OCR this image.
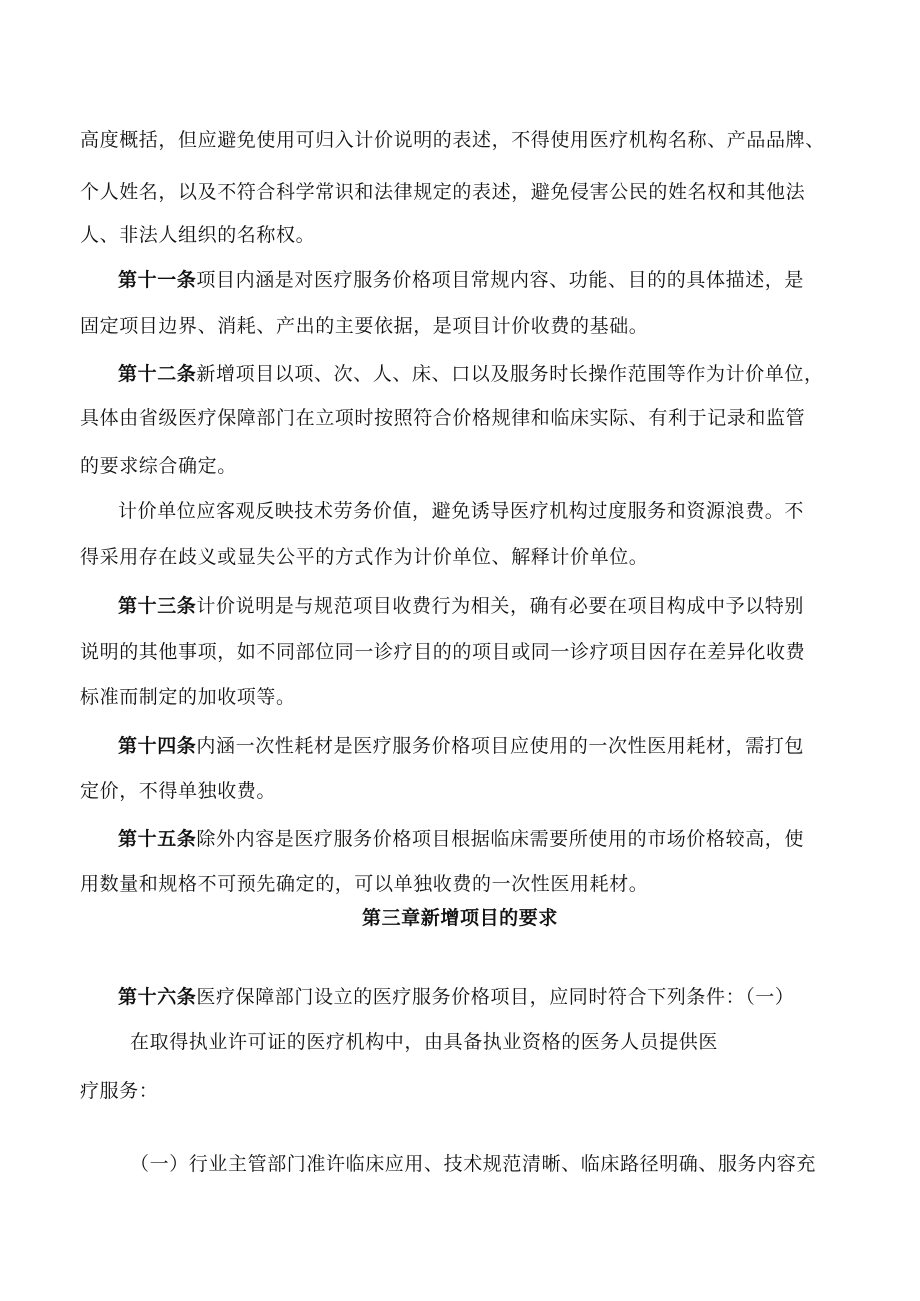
高度概括，但应避免使用可归入计价说明的表述，不得使用医疗机构名称、产品品牌、
个人姓名，以及不符合科学常识和法律规定的表述，避免侵害公民的姓名权和其他法
人、非法人组织的名称权。
第十一条项目内涵是对医疗服务价格项目常规内容、功能、目的的具体描述，是
固定项目边界、消耗、产出的主要依据，是项目计价收费的基础。
第十二条新增项目以项、次、人、床、口以及服务时长操作范围等作为计价单位，
具体由省级医疗保障部门在立项时按照符合价格规律和临床实际、有利于记录和监管
的要求综合确定。
计价单位应客观反映技术劳务价值，避免诱导医疗机构过度服务和资源浪费。不
得采用存在歧义或显失公平的方式作为计价单位、解释计价单位。
第十三条计价说明是与规范项目收费行为相关，确有必要在项目构成中予以特别
说明的其他事项，如不同部位同一诊疗目的的项目或同一诊疗项目因存在差异化收费
标准而制定的加收项等。
第十四条内涵一次性耗材是医疗服务价格项目应使用的一次性医用耗材，需打包
定价，不得单独收费。
第十五条除外内容是医疗服务价格项目根据临床需要所使用的市场价格较高，使
用数量和规格不可预先确定的，可以单独收费的一次性医用耗材。
第三章新增项目的要求
第十六条医疗保障部门设立的医疗服务价格项目，应同时符合下列条件：（一）
在取得执业许可证的医疗机构中，由具备执业资格的医务人员提供医
疗服务：
（一）行业主管部门准许临床应用、技术规范清晰、临床路径明确、服务内容充
